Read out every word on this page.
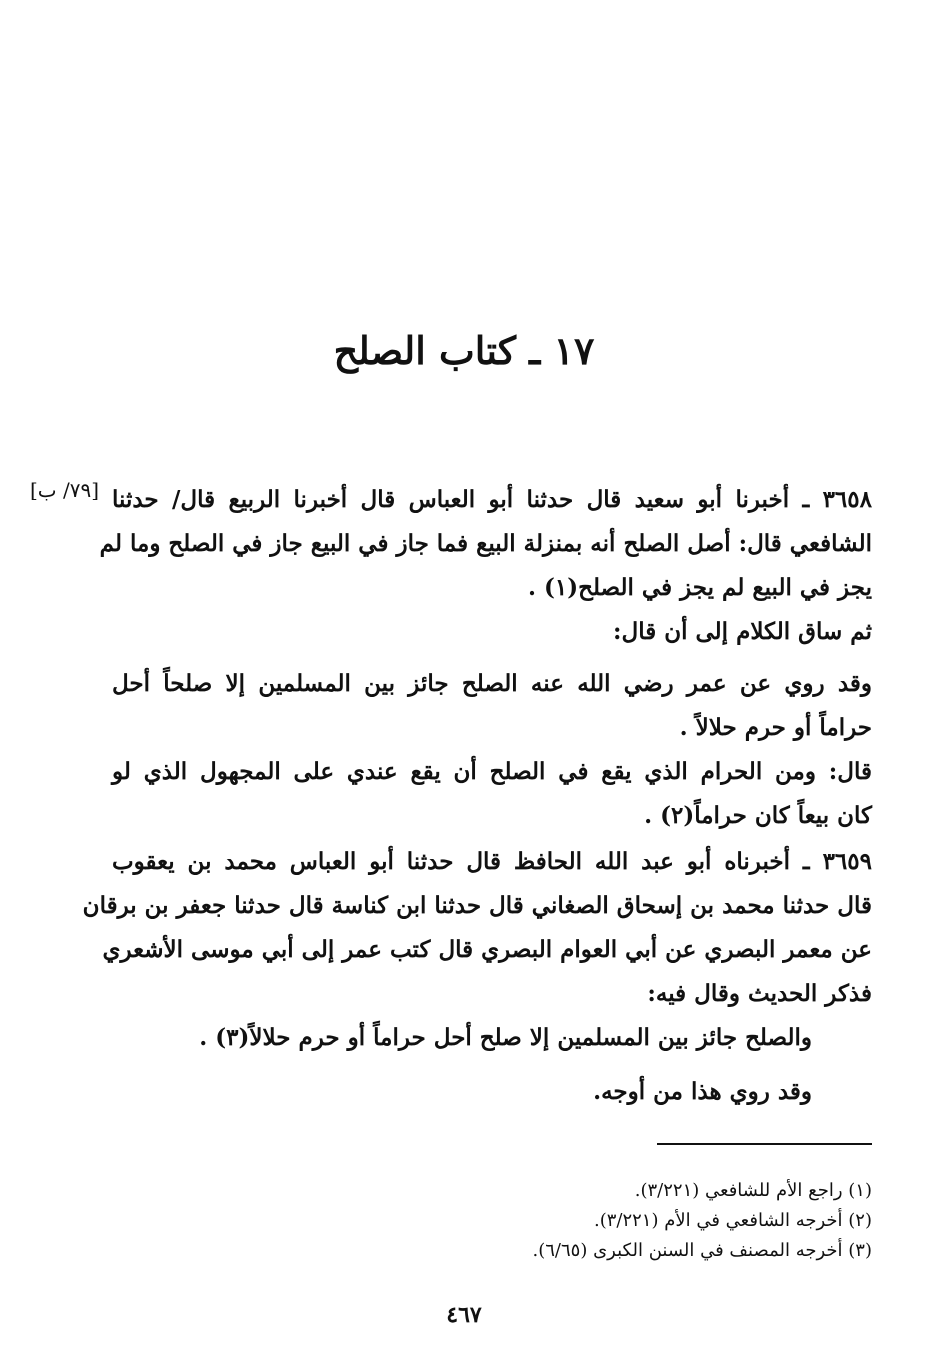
١٧ ـ كتاب الصلح
[٧٩/ ب] ٣٦٥٨ ـ أخبرنا أبو سعيد قال حدثنا أبو العباس قال أخبرنا الربيع قال/ حدثنا
الشافعي قال: أصل الصلح أنه بمنزلة البيع فما جاز في البيع جاز في الصلح وما لم
يجز في البيع لم يجز في الصلح(١) .
ثم ساق الكلام إلى أن قال:
وقد روي عن عمر رضي الله عنه الصلح جائز بين المسلمين إلا صلحاً أحل
حراماً أو حرم حلالاً .
قال: ومن الحرام الذي يقع في الصلح أن يقع عندي على المجهول الذي لو
كان بيعاً كان حراماً(٢) .
٣٦٥٩ ـ أخبرناه أبو عبد الله الحافظ قال حدثنا أبو العباس محمد بن يعقوب
قال حدثنا محمد بن إسحاق الصغاني قال حدثنا ابن كناسة قال حدثنا جعفر بن برقان
عن معمر البصري عن أبي العوام البصري قال كتب عمر إلى أبي موسى الأشعري
فذكر الحديث وقال فيه:
والصلح جائز بين المسلمين إلا صلح أحل حراماً أو حرم حلالاً(٣) .
وقد روي هذا من أوجه.
(١) راجع الأم للشافعي (٣/٢٢١).
(٢) أخرجه الشافعي في الأم (٣/٢٢١).
(٣) أخرجه المصنف في السنن الكبرى (٦/٦٥).
٤٦٧
